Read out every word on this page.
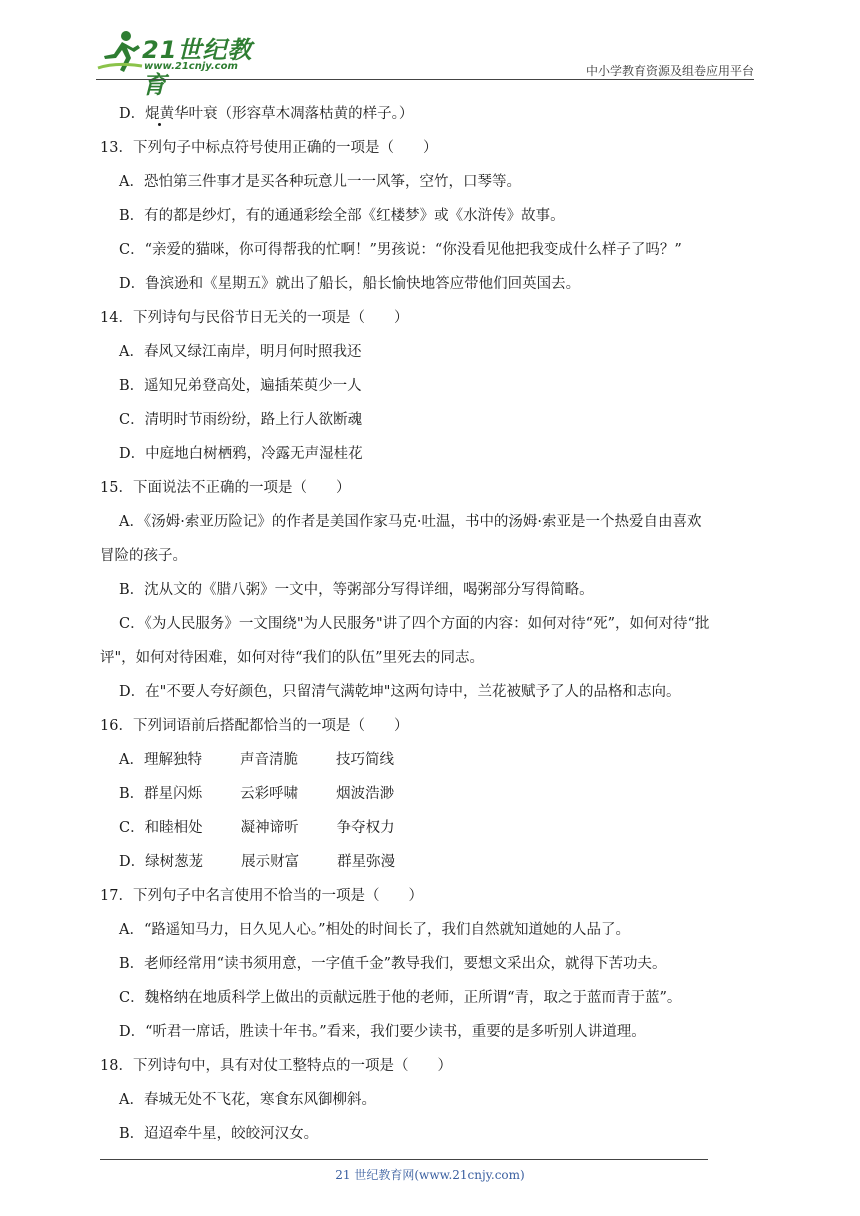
21世纪教育
www.21cnjy.com	中小学教育资源及组卷应用平台
D．焜黄华叶衰（形容草木凋落枯黄的样子。）
13．下列句子中标点符号使用正确的一项是（　　）
A．恐怕第三件事才是买各种玩意儿一一风筝，空竹，口琴等。
B．有的都是纱灯，有的通通彩绘全部《红楼梦》或《水浒传》故事。
C．“亲爱的猫咪，你可得帮我的忙啊！”男孩说：“你没看见他把我变成什么样子了吗？”
D．鲁滨逊和《星期五》就出了船长，船长愉快地答应带他们回英国去。
14．下列诗句与民俗节日无关的一项是（　　）
A．春风又绿江南岸，明月何时照我还
B．遥知兄弟登高处，遍插茱萸少一人
C．清明时节雨纷纷，路上行人欲断魂
D．中庭地白树栖鸦，冷露无声湿桂花
15．下面说法不正确的一项是（　　）
A．《汤姆·索亚历险记》的作者是美国作家马克·吐温，书中的汤姆·索亚是一个热爱自由喜欢
冒险的孩子。
B．沈从文的《腊八粥》一文中，等粥部分写得详细，喝粥部分写得简略。
C．《为人民服务》一文围绕"为人民服务"讲了四个方面的内容：如何对待“死”，如何对待“批
评"，如何对待困难，如何对待“我们的队伍”里死去的同志。
D．在"不要人夸好颜色，只留清气满乾坤"这两句诗中，兰花被赋予了人的品格和志向。
16．下列词语前后搭配都恰当的一项是（　　）
A．理解独特	声音清脆	技巧简线
B．群星闪烁	云彩呼啸	烟波浩渺
C．和睦相处	凝神谛听	争夺权力
D．绿树葱茏	展示财富	群星弥漫
17．下列句子中名言使用不恰当的一项是（　　）
A．“路遥知马力，日久见人心。”相处的时间长了，我们自然就知道她的人品了。
B．老师经常用“读书须用意，一字值千金”教导我们，要想文采出众，就得下苦功夫。
C．魏格纳在地质科学上做出的贡献远胜于他的老师，正所谓“青，取之于蓝而青于蓝”。
D．“听君一席话，胜读十年书。”看来，我们要少读书，重要的是多听别人讲道理。
18．下列诗句中，具有对仗工整特点的一项是（　　）
A．春城无处不飞花，寒食东风御柳斜。
B．迢迢牵牛星，皎皎河汉女。
21 世纪教育网(www.21cnjy.com)
